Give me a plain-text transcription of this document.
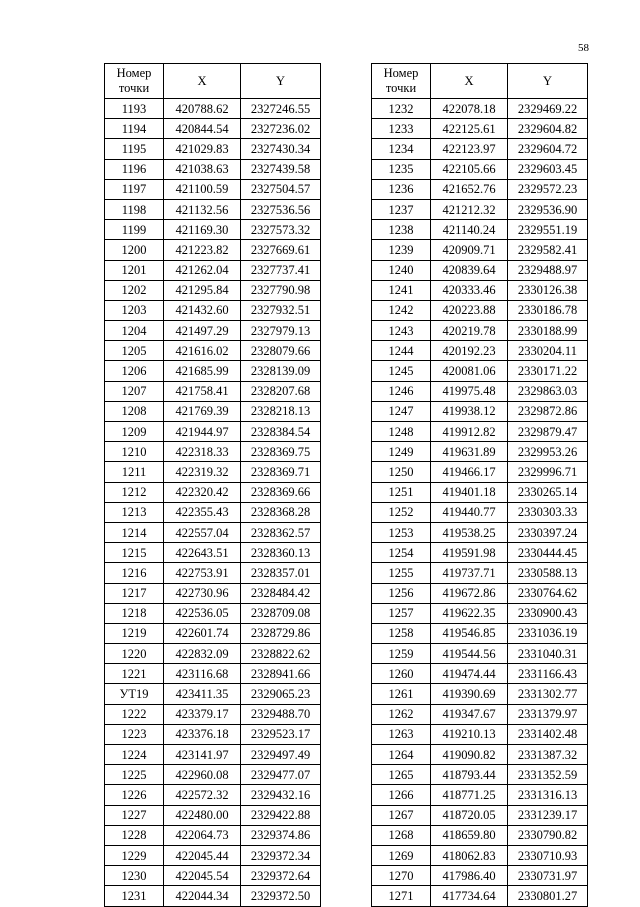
58
Номер
точки	X	Y
1193	420788.62	2327246.55
1194	420844.54	2327236.02
1195	421029.83	2327430.34
1196	421038.63	2327439.58
1197	421100.59	2327504.57
1198	421132.56	2327536.56
1199	421169.30	2327573.32
1200	421223.82	2327669.61
1201	421262.04	2327737.41
1202	421295.84	2327790.98
1203	421432.60	2327932.51
1204	421497.29	2327979.13
1205	421616.02	2328079.66
1206	421685.99	2328139.09
1207	421758.41	2328207.68
1208	421769.39	2328218.13
1209	421944.97	2328384.54
1210	422318.33	2328369.75
1211	422319.32	2328369.71
1212	422320.42	2328369.66
1213	422355.43	2328368.28
1214	422557.04	2328362.57
1215	422643.51	2328360.13
1216	422753.91	2328357.01
1217	422730.96	2328484.42
1218	422536.05	2328709.08
1219	422601.74	2328729.86
1220	422832.09	2328822.62
1221	423116.68	2328941.66
УТ19	423411.35	2329065.23
1222	423379.17	2329488.70
1223	423376.18	2329523.17
1224	423141.97	2329497.49
1225	422960.08	2329477.07
1226	422572.32	2329432.16
1227	422480.00	2329422.88
1228	422064.73	2329374.86
1229	422045.44	2329372.34
1230	422045.54	2329372.64
1231	422044.34	2329372.50
Номер
точки	X	Y
1232	422078.18	2329469.22
1233	422125.61	2329604.82
1234	422123.97	2329604.72
1235	422105.66	2329603.45
1236	421652.76	2329572.23
1237	421212.32	2329536.90
1238	421140.24	2329551.19
1239	420909.71	2329582.41
1240	420839.64	2329488.97
1241	420333.46	2330126.38
1242	420223.88	2330186.78
1243	420219.78	2330188.99
1244	420192.23	2330204.11
1245	420081.06	2330171.22
1246	419975.48	2329863.03
1247	419938.12	2329872.86
1248	419912.82	2329879.47
1249	419631.89	2329953.26
1250	419466.17	2329996.71
1251	419401.18	2330265.14
1252	419440.77	2330303.33
1253	419538.25	2330397.24
1254	419591.98	2330444.45
1255	419737.71	2330588.13
1256	419672.86	2330764.62
1257	419622.35	2330900.43
1258	419546.85	2331036.19
1259	419544.56	2331040.31
1260	419474.44	2331166.43
1261	419390.69	2331302.77
1262	419347.67	2331379.97
1263	419210.13	2331402.48
1264	419090.82	2331387.32
1265	418793.44	2331352.59
1266	418771.25	2331316.13
1267	418720.05	2331239.17
1268	418659.80	2330790.82
1269	418062.83	2330710.93
1270	417986.40	2330731.97
1271	417734.64	2330801.27
